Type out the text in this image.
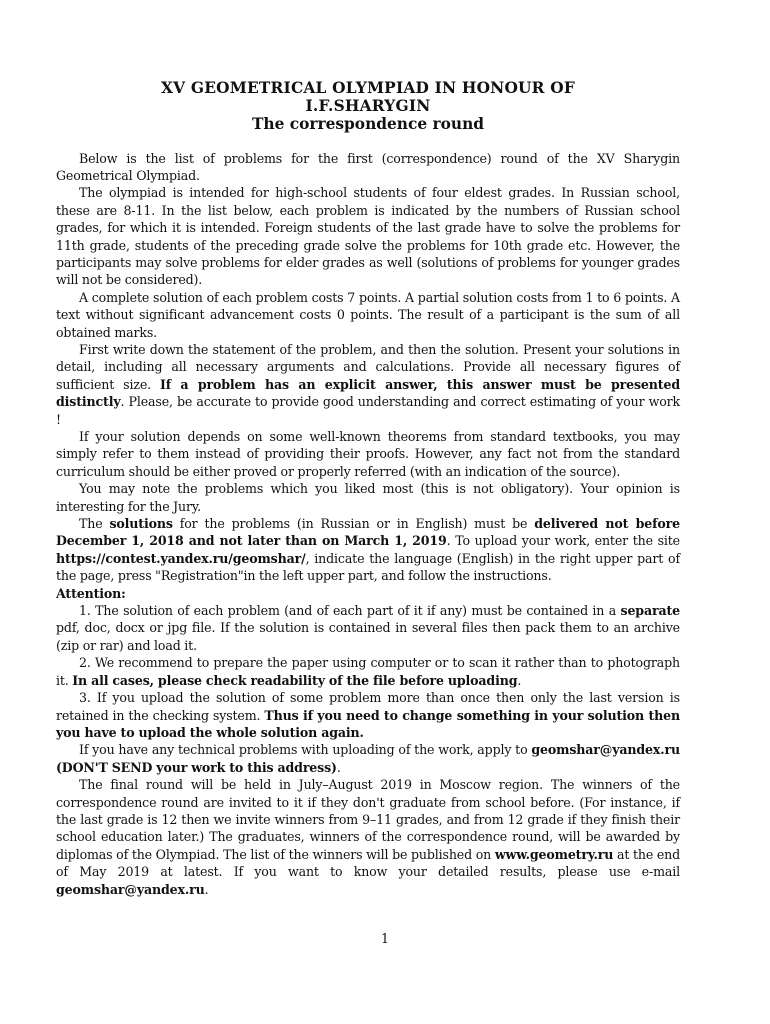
XV GEOMETRICAL OLYMPIAD IN HONOUR OF
I.F.SHARYGIN
The correspondence round

Below is the list of problems for the first (correspondence) round of the XV Sharygin Geometrical Olympiad.

The olympiad is intended for high-school students of four eldest grades. In Russian school, these are 8-11. In the list below, each problem is indicated by the numbers of Russian school grades, for which it is intended. Foreign students of the last grade have to solve the problems for 11th grade, students of the preceding grade solve the problems for 10th grade etc. However, the participants may solve problems for elder grades as well (solutions of problems for younger grades will not be considered).

A complete solution of each problem costs 7 points. A partial solution costs from 1 to 6 points. A text without significant advancement costs 0 points. The result of a participant is the sum of all obtained marks.

First write down the statement of the problem, and then the solution. Present your solutions in detail, including all necessary arguments and calculations. Provide all necessary figures of sufficient size. If a problem has an explicit answer, this answer must be presented distinctly. Please, be accurate to provide good understanding and correct estimating of your work !

If your solution depends on some well-known theorems from standard textbooks, you may simply refer to them instead of providing their proofs. However, any fact not from the standard curriculum should be either proved or properly referred (with an indication of the source).

You may note the problems which you liked most (this is not obligatory). Your opinion is interesting for the Jury.

The solutions for the problems (in Russian or in English) must be delivered not before December 1, 2018 and not later than on March 1, 2019. To upload your work, enter the site https://contest.yandex.ru/geomshar/, indicate the language (English) in the right upper part of the page, press "Registration"in the left upper part, and follow the instructions.

Attention:

1. The solution of each problem (and of each part of it if any) must be contained in a separate pdf, doc, docx or jpg file. If the solution is contained in several files then pack them to an archive (zip or rar) and load it.

2. We recommend to prepare the paper using computer or to scan it rather than to photograph it. In all cases, please check readability of the file before uploading.

3. If you upload the solution of some problem more than once then only the last version is retained in the checking system. Thus if you need to change something in your solution then you have to upload the whole solution again.

If you have any technical problems with uploading of the work, apply to geomshar@yandex.ru (DON'T SEND your work to this address).

The final round will be held in July–August 2019 in Moscow region. The winners of the correspondence round are invited to it if they don't graduate from school before. (For instance, if the last grade is 12 then we invite winners from 9–11 grades, and from 12 grade if they finish their school education later.) The graduates, winners of the correspondence round, will be awarded by diplomas of the Olympiad. The list of the winners will be published on www.geometry.ru at the end of May 2019 at latest. If you want to know your detailed results, please use e-mail geomshar@yandex.ru.

1
